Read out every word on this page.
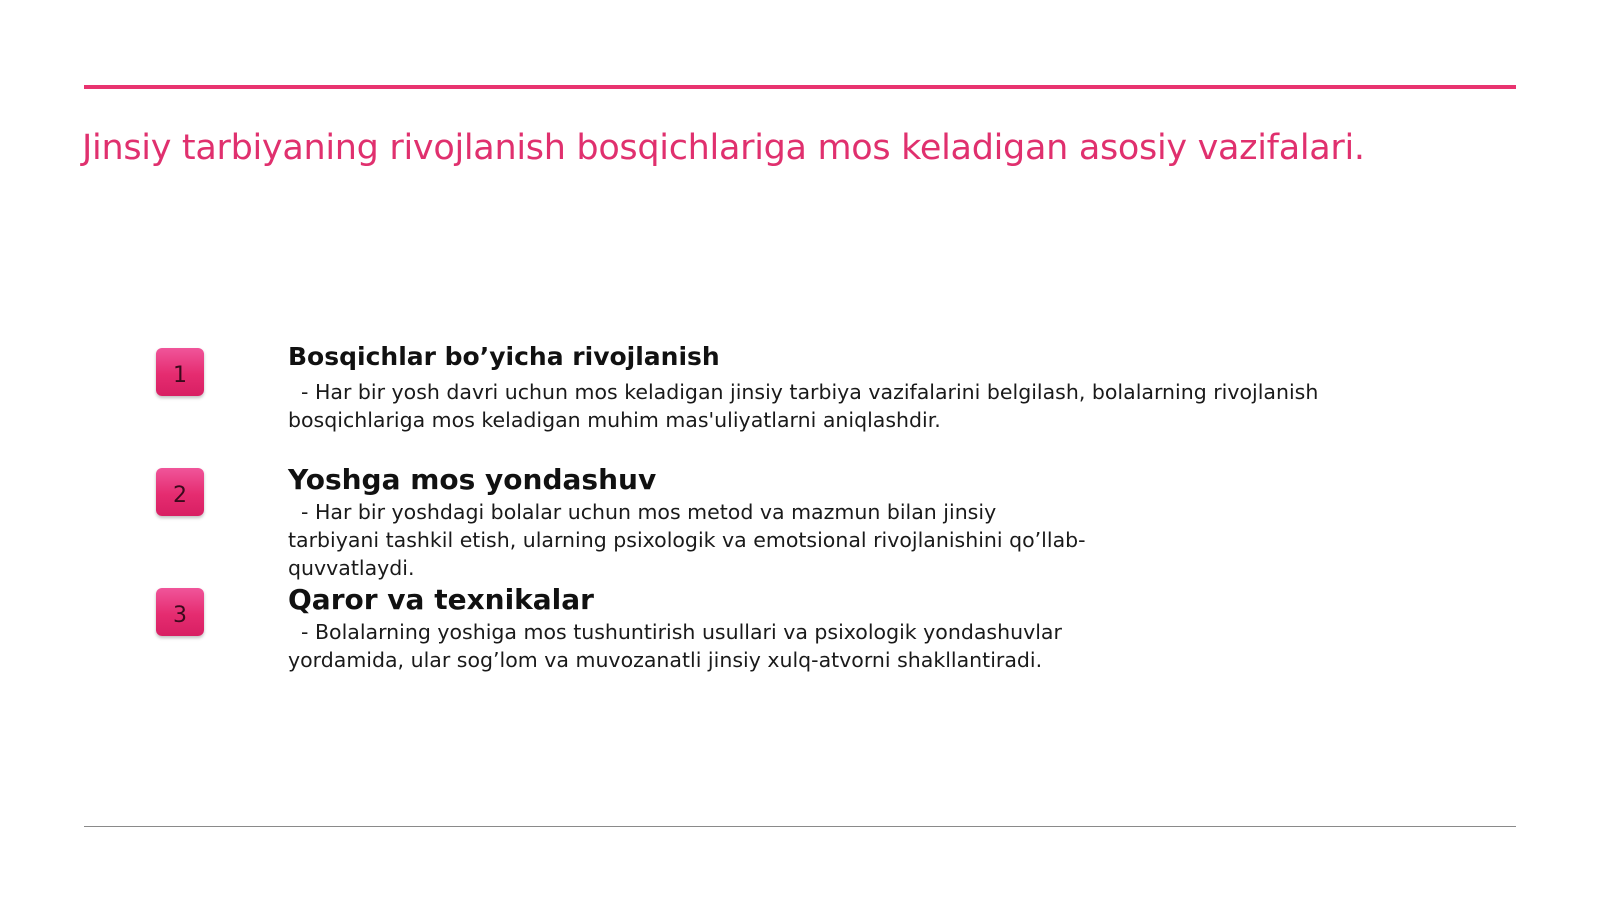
Jinsiy tarbiyaning rivojlanish bosqichlariga mos keladigan asosiy vazifalari.
1
Bosqichlar bo’yicha rivojlanish

- Har bir yosh davri uchun mos keladigan jinsiy tarbiya vazifalarini belgilash, bolalarning rivojlanish bosqichlariga mos keladigan muhim mas'uliyatlarni aniqlashdir.

2	Yoshga mos yondashuv

- Har bir yoshdagi bolalar uchun mos metod va mazmun bilan jinsiy tarbiyani tashkil etish, ularning psixologik va emotsional rivojlanishini qo’llab-quvvatlaydi.

3	Qaror va texnikalar

- Bolalarning yoshiga mos tushuntirish usullari va psixologik yondashuvlar yordamida, ular sog’lom va muvozanatli jinsiy xulq-atvorni shakllantiradi.
